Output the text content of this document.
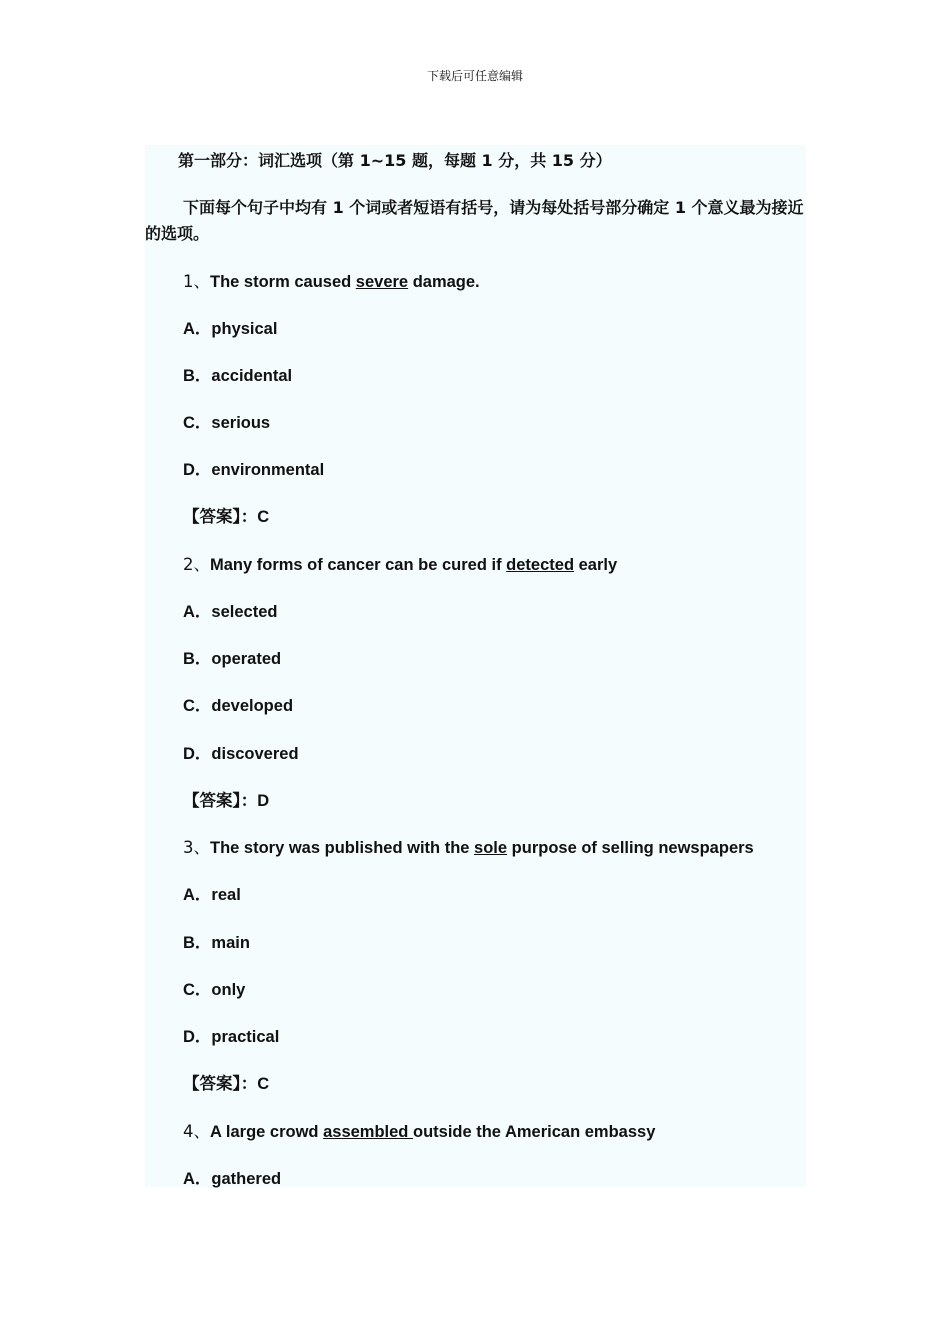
下载后可任意编辑
第一部分：词汇选项（第 1~15 题，每题 1 分，共 15 分）
下面每个句子中均有 1 个词或者短语有括号，请为每处括号部分确定 1 个意义最为接近的选项。
1、The storm caused severe damage.
A．physical
B．accidental
C．serious
D．environmental
【答案】：C
2、Many forms of cancer can be cured if detected early
A．selected
B．operated
C．developed
D．discovered
【答案】：D
3、The story was published with the sole purpose of selling newspapers
A．real
B．main
C．only
D．practical
【答案】：C
4、A large crowd assembled outside the American embassy
A．gathered
